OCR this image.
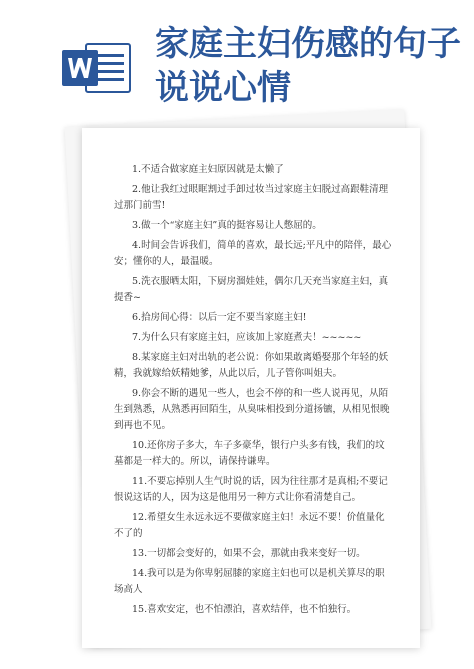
家庭主妇伤感的句子说说心情

1.不适合做家庭主妇原因就是太懒了

2.他让我红过眼眶割过手卸过妆当过家庭主妇脱过高跟鞋清理过那门前雪!

3.做一个“家庭主妇”真的挺容易让人憋屈的。

4.时间会告诉我们，简单的喜欢，最长远;平凡中的陪伴，最心安；懂你的人，最温暖。

5.洗衣服晒太阳，下厨房溜娃娃，偶尔几天充当家庭主妇，真提香~

6.拾房间心得：以后一定不要当家庭主妇!

7.为什么只有家庭主妇，应该加上家庭煮夫！~~~~~

8.某家庭主妇对出轨的老公说：你如果敢离婚娶那个年轻的妖精，我就嫁给妖精她爹，从此以后，儿子管你叫姐夫。

9.你会不断的遇见一些人，也会不停的和一些人说再见，从陌生到熟悉，从熟悉再回陌生，从臭味相投到分道扬镳，从相见恨晚到再也不见。

10.还你房子多大，车子多豪华，银行户头多有钱，我们的坟墓都是一样大的。所以，请保持谦卑。

11.不要忘掉别人生气时说的话，因为往往那才是真相;不要记恨说这话的人，因为这是他用另一种方式让你看清楚自己。

12.希望女生永远永远不要做家庭主妇！永远不要！价值量化不了的

13.一切都会变好的，如果不会，那就由我来变好一切。

14.我可以是为你卑躬屈膝的家庭主妇也可以是机关算尽的职场高人

15.喜欢安定，也不怕漂泊，喜欢结伴，也不怕独行。
